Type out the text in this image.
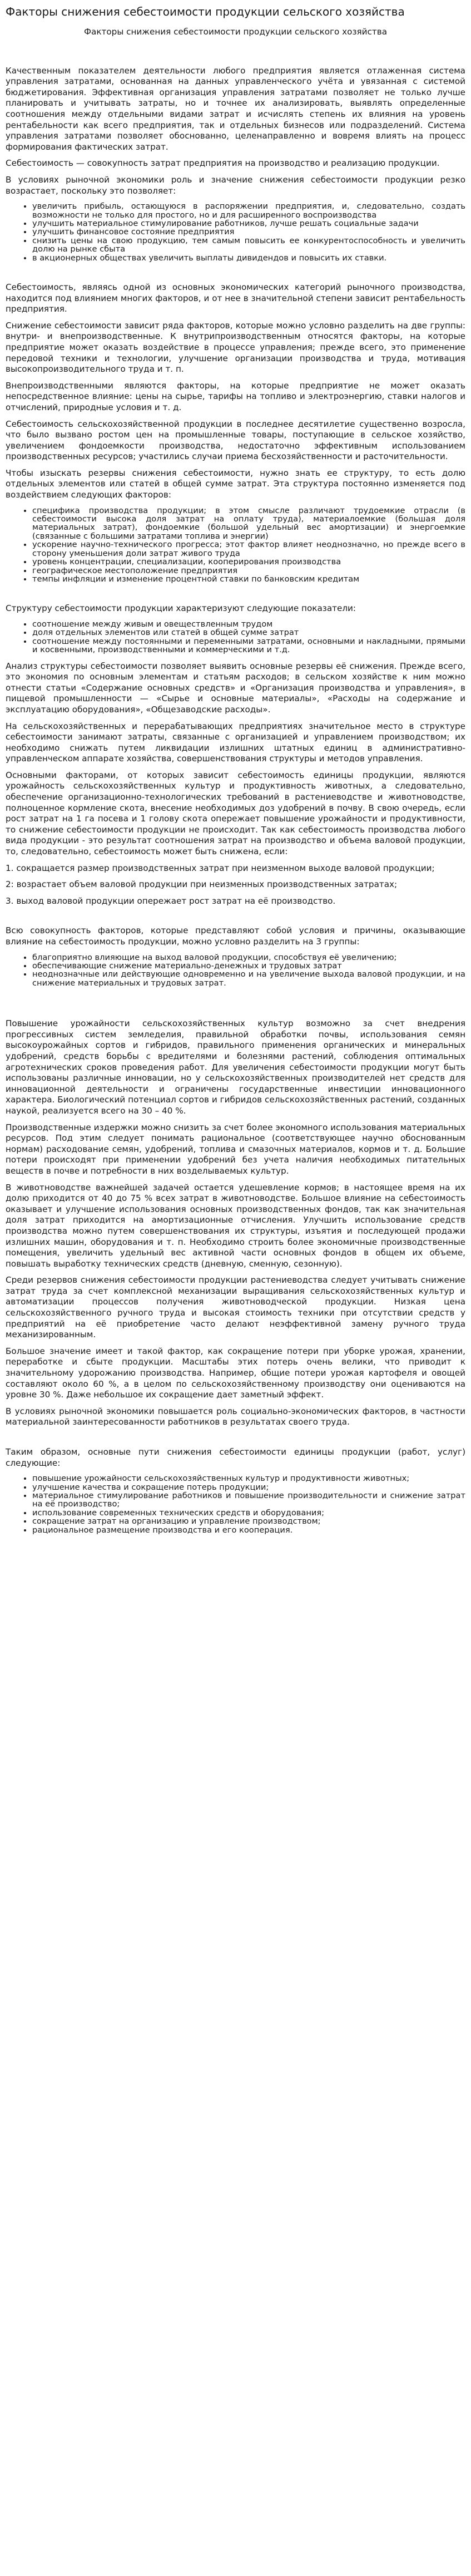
Факторы снижения себестоимости продукции сельского хозяйства
Факторы снижения себестоимости продукции сельского хозяйства

Качественным показателем деятельности любого предприятия является отлаженная система управления затратами, основанная на данных управленческого учёта и увязанная с системой бюджетирования. Эффективная организация управления затратами позволяет не только лучше планировать и учитывать затраты, но и точнее их анализировать, выявлять определенные соотношения между отдельными видами затрат и исчислять степень их влияния на уровень рентабельности как всего предприятия, так и отдельных бизнесов или подразделений. Система управления затратами позволяет обоснованно, целенаправленно и вовремя влиять на процесс формирования фактических затрат.

Себестоимость — совокупность затрат предприятия на производство и реализацию продукции.

В условиях рыночной экономики роль и значение снижения себестоимости продукции резко возрастает, поскольку это позволяет:

• увеличить прибыль, остающуюся в распоряжении предприятия, и, следовательно, создать возможности не только для простого, но и для расширенного воспроизводства
• улучшить материальное стимулирование работников, лучше решать социальные задачи
• улучшить финансовое состояние предприятия
• снизить цены на свою продукцию, тем самым повысить ее конкурентоспособность и увеличить долю на рынке сбыта
• в акционерных обществах увеличить выплаты дивидендов и повысить их ставки.

Себестоимость, являясь одной из основных экономических категорий рыночного производства, находится под влиянием многих факторов, и от нее в значительной степени зависит рентабельность предприятия.

Снижение себестоимости зависит ряда факторов, которые можно условно разделить на две группы: внутри- и внепроизводственные. К внутрипроизводственным относятся факторы, на которые предприятие может оказать воздействие в процессе управления; прежде всего, это применение передовой техники и технологии, улучшение организации производства и труда, мотивация высокопроизводительного труда и т. п.

Внепроизводственными являются факторы, на которые предприятие не может оказать непосредственное влияние: цены на сырье, тарифы на топливо и электроэнергию, ставки налогов и отчислений, природные условия и т. д.

Себестоимость сельскохозяйственной продукции в последнее десятилетие существенно возросла, что было вызвано ростом цен на промышленные товары, поступающие в сельское хозяйство, увеличением фондоемкости производства, недостаточно эффективным использованием производственных ресурсов; участились случаи приема бесхозяйственности и расточительности.

Чтобы изыскать резервы снижения себестоимости, нужно знать ее структуру, то есть долю отдельных элементов или статей в общей сумме затрат. Эта структура постоянно изменяется под воздействием следующих факторов:

• специфика производства продукции; в этом смысле различают трудоемкие отрасли (в себестоимости высока доля затрат на оплату труда), материалоемкие (большая доля материальных затрат), фондоемкие (большой удельный вес амортизации) и энергоемкие (связанные с большими затратами топлива и энергии)
• ускорение научно-технического прогресса; этот фактор влияет неоднозначно, но прежде всего в сторону уменьшения доли затрат живого труда
• уровень концентрации, специализации, кооперирования производства
• географическое местоположение предприятия
• темпы инфляции и изменение процентной ставки по банковским кредитам

Структуру себестоимости продукции характеризуют следующие показатели:

• соотношение между живым и овеществленным трудом
• доля отдельных элементов или статей в общей сумме затрат
• соотношение между постоянными и переменными затратами, основными и накладными, прямыми и косвенными, производственными и коммерческими и т.д.

Анализ структуры себестоимости позволяет выявить основные резервы её снижения. Прежде всего, это экономия по основным элементам и статьям расходов; в сельском хозяйстве к ним можно отнести статьи «Содержание основных средств» и «Организация производства и управления», в пищевой промышленности — «Сырье и основные материалы», «Расходы на содержание и эксплуатацию оборудования», «Общезаводские расходы».

На сельскохозяйственных и перерабатывающих предприятиях значительное место в структуре себестоимости занимают затраты, связанные с организацией и управлением производством; их необходимо снижать путем ликвидации излишних штатных единиц в административно-управленческом аппарате хозяйства, совершенствования структуры и методов управления.

Основными факторами, от которых зависит себестоимость единицы продукции, являются урожайность сельскохозяйственных культур и продуктивность животных, а следовательно, обеспечение организационно-технологических требований в растениеводстве и животноводстве, полноценное кормление скота, внесение необходимых доз удобрений в почву. В свою очередь, если рост затрат на 1 га посева и 1 голову скота опережает повышение урожайности и продуктивности, то снижение себестоимости продукции не происходит. Так как себестоимость производства любого вида продукции - это результат соотношения затрат на производство и объема валовой продукции, то, следовательно, себестоимость может быть снижена, если:

1. сокращается размер производственных затрат при неизменном выходе валовой продукции;

2: возрастает объем валовой продукции при неизменных производственных затратах;

3. выход валовой продукции опережает рост затрат на её производство.

Всю совокупность факторов, которые представляют собой условия и причины, оказывающие влияние на себестоимость продукции, можно условно разделить на 3 группы:

• благоприятно влияющие на выход валовой продукции, способствуя её увеличению;
• обеспечивающие снижение материально-денежных и трудовых затрат
• неоднозначные или действующие одновременно и на увеличение выхода валовой продукции, и на снижение материальных и трудовых затрат.

Повышение урожайности сельскохозяйственных культур возможно за счет внедрения прогрессивных систем земледелия, правильной обработки почвы, использования семян высокоурожайных сортов и гибридов, правильного применения органических и минеральных удобрений, средств борьбы с вредителями и болезнями растений, соблюдения оптимальных агротехнических сроков проведения работ. Для увеличения себестоимости продукции могут быть использованы различные инновации, но у сельскохозяйственных производителей нет средств для инновационной деятельности и ограничены государственные инвестиции инновационного характера. Биологический потенциал сортов и гибридов сельскохозяйственных растений, созданных наукой, реализуется всего на 30 – 40 %.

Производственные издержки можно снизить за счет более экономного использования материальных ресурсов. Под этим следует понимать рациональное (соответствующее научно обоснованным нормам) расходование семян, удобрений, топлива и смазочных материалов, кормов и т. д. Большие потери происходят при применении удобрений без учета наличия необходимых питательных веществ в почве и потребности в них возделываемых культур.

В животноводстве важнейшей задачей остается удешевление кормов; в настоящее время на их долю приходится от 40 до 75 % всех затрат в животноводстве. Большое влияние на себестоимость оказывает и улучшение использования основных производственных фондов, так как значительная доля затрат приходится на амортизационные отчисления. Улучшить использование средств производства можно путем совершенствования их структуры, изъятия и последующей продажи излишних машин, оборудования и т. п. Необходимо строить более экономичные производственные помещения, увеличить удельный вес активной части основных фондов в общем их объеме, повышать выработку технических средств (дневную, сменную, сезонную).

Среди резервов снижения себестоимости продукции растениеводства следует учитывать снижение затрат труда за счет комплексной механизации выращивания сельскохозяйственных культур и автоматизации процессов получения животноводческой продукции. Низкая цена сельскохозяйственного ручного труда и высокая стоимость техники при отсутствии средств у предприятий на её приобретение часто делают неэффективной замену ручного труда механизированным.

Большое значение имеет и такой фактор, как сокращение потери при уборке урожая, хранении, переработке и сбыте продукции. Масштабы этих потерь очень велики, что приводит к значительному удорожанию производства. Например, общие потери урожая картофеля и овощей составляют около 60 %, а в целом по сельскохозяйственному производству они оцениваются на уровне 30 %. Даже небольшое их сокращение дает заметный эффект.

В условиях рыночной экономики повышается роль социально-экономических факторов, в частности материальной заинтересованности работников в результатах своего труда.

Таким образом, основные пути снижения себестоимости единицы продукции (работ, услуг) следующие:

• повышение урожайности сельскохозяйственных культур и продуктивности животных;
• улучшение качества и сокращение потерь продукции;
• материальное стимулирование работников и повышение производительности и снижение затрат на её производство;
• использование современных технических средств и оборудования;
• сокращение затрат на организацию и управление производством;
• рациональное размещение производства и его кооперация.
